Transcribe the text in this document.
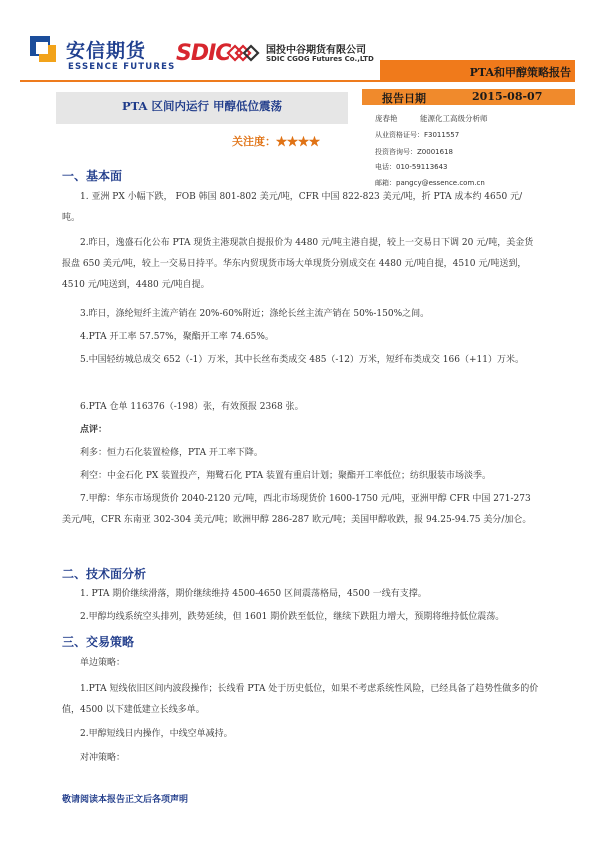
安信期货
ESSENCE FUTURES
SDIC	国投中谷期货有限公司
SDIC CGOG Futures Co.,LTD
PTA和甲醇策略报告
PTA 区间内运行 甲醇低位震荡
关注度：★★★★
报告日期	2015-08-07
庞春艳	能源化工高级分析师
从业资格证号：F3011557
投资咨询号：Z0001618
电话：010-59113643
邮箱：pangcy@essence.com.cn
一、基本面
1. 亚洲 PX 小幅下跌， FOB 韩国 801-802 美元/吨，CFR 中国 822-823 美元/吨，折 PTA 成本约 4650 元/吨。
2.昨日，逸盛石化公布 PTA 现货主港现款自提报价为 4480 元/吨主港自提，较上一交易日下调 20 元/吨，美金货报盘 650 美元/吨，较上一交易日持平。华东内贸现货市场大单现货分别成交在 4480 元/吨自提，4510 元/吨送到，4510 元/吨送到，4480 元/吨自提。
3.昨日，涤纶短纤主流产销在 20%-60%附近；涤纶长丝主流产销在 50%-150%之间。
4.PTA 开工率 57.57%，聚酯开工率 74.65%。
5.中国轻纺城总成交 652（-1）万米，其中长丝布类成交 485（-12）万米，短纤布类成交 166（+11）万米。
6.PTA 仓单 116376（-198）张，有效预报 2368 张。
点评：
利多：恒力石化装置检修，PTA 开工率下降。
利空：中金石化 PX 装置投产，翔鹭石化 PTA 装置有重启计划；聚酯开工率低位；纺织服装市场淡季。
7.甲醇：华东市场现货价 2040-2120 元/吨，西北市场现货价 1600-1750 元/吨，亚洲甲醇 CFR 中国 271-273 美元/吨，CFR 东南亚 302-304 美元/吨；欧洲甲醇 286-287 欧元/吨；美国甲醇收跌，报 94.25-94.75 美分/加仑。
二、技术面分析
1. PTA 期价继续滑落，期价继续维持 4500-4650 区间震荡格局，4500 一线有支撑。
2.甲醇均线系统空头排列，跌势延续，但 1601 期价跌至低位，继续下跌阻力增大，预期将维持低位震荡。
三、交易策略
单边策略：
1.PTA 短线依旧区间内波段操作；长线看 PTA 处于历史低位，如果不考虑系统性风险，已经具备了趋势性做多的价值，4500 以下建低建立长线多单。
2.甲醇短线日内操作，中线空单减持。
对冲策略：
敬请阅读本报告正文后各项声明
